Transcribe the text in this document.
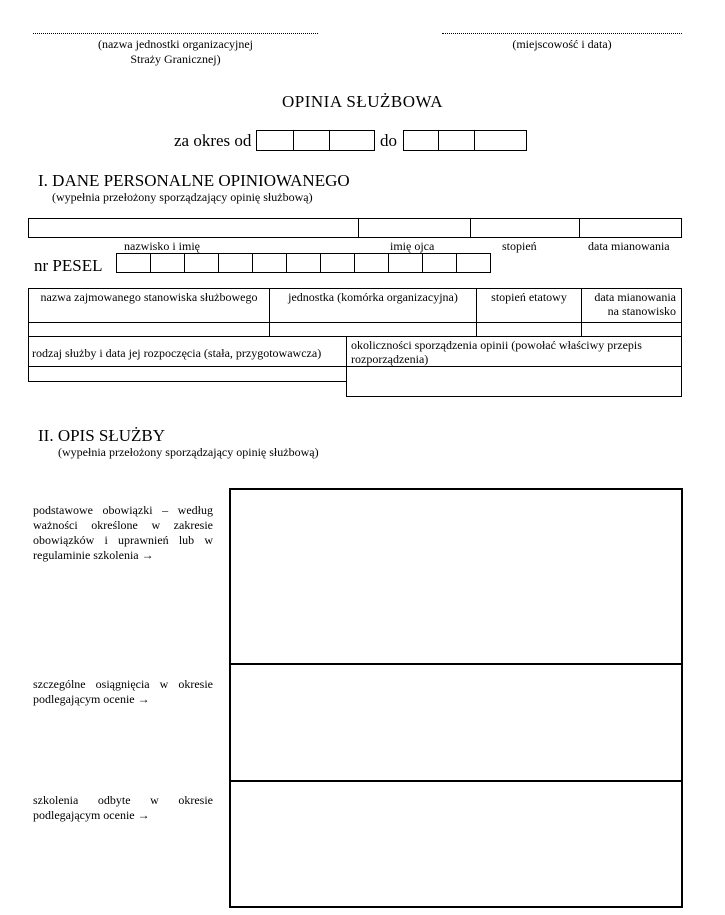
(nazwa jednostki organizacyjnej
Straży Granicznej)
(miejscowość i data)
OPINIA SŁUŻBOWA
za okres od	do
I. DANE PERSONALNE OPINIOWANEGO
(wypełnia przełożony sporządzający opinię służbową)
nazwisko i imię	imię ojca	stopień	data mianowania
nr PESEL
nazwa zajmowanego stanowiska służbowego	jednostka (komórka organizacyjna)	stopień etatowy	data mianowania na stanowisko
rodzaj służby i data jej rozpoczęcia (stała, przygotowawcza)
okoliczności sporządzenia opinii (powołać właściwy przepis rozporządzenia)
II. OPIS SŁUŻBY
(wypełnia przełożony sporządzający opinię służbową)
podstawowe obowiązki – według ważności określone w zakresie obowiązków i uprawnień lub w regulaminie szkolenia →
szczególne osiągnięcia w okresie podlegającym ocenie →
szkolenia odbyte w okresie podlegającym ocenie →
